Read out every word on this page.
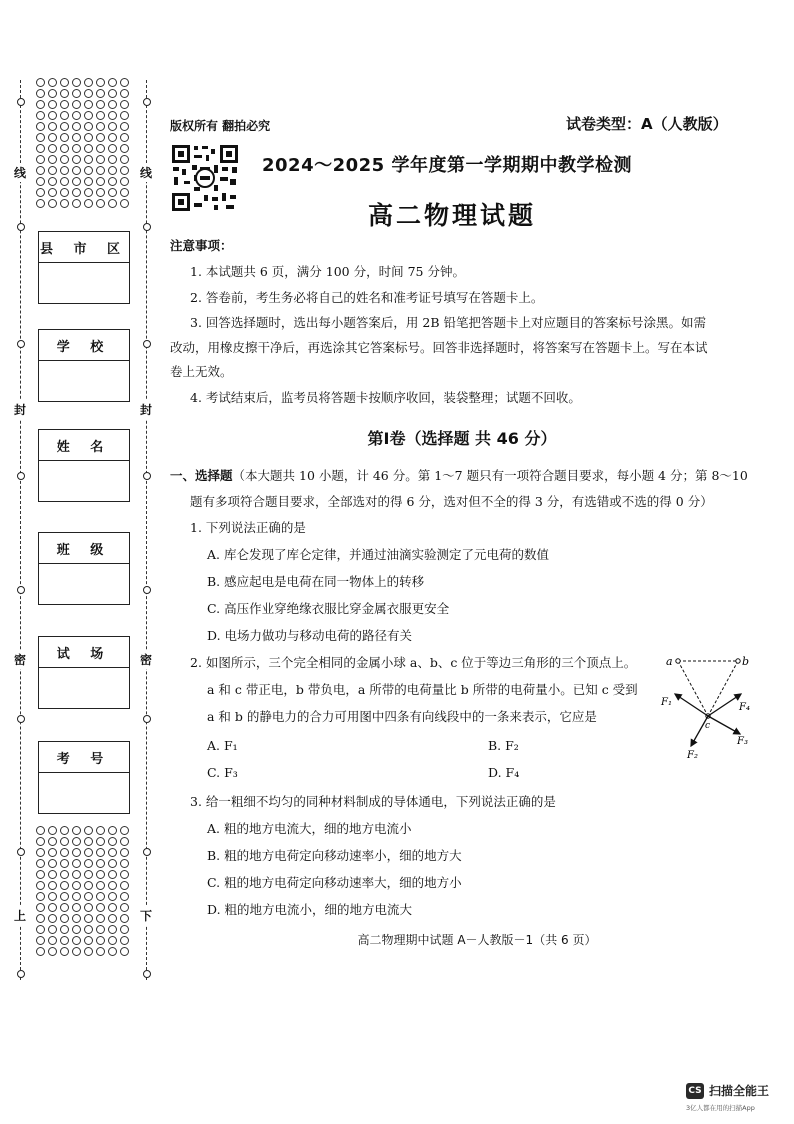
线	线
封	封
密	密
上	下
县 市 区
学 校
姓 名
班 级
试 场
考 号
版权所有 翻拍必究	试卷类型：A（人教版）
2024～2025 学年度第一学期期中教学检测
高二物理试题
注意事项：
1. 本试题共 6 页，满分 100 分，时间 75 分钟。
2. 答卷前，考生务必将自己的姓名和准考证号填写在答题卡上。
3. 回答选择题时，选出每小题答案后，用 2B 铅笔把答题卡上对应题目的答案标号涂黑。如需
改动，用橡皮擦干净后，再选涂其它答案标号。回答非选择题时，将答案写在答题卡上。写在本试
卷上无效。
4. 考试结束后，监考员将答题卡按顺序收回，装袋整理；试题不回收。
第Ⅰ卷（选择题 共 46 分）
一、选择题（本大题共 10 小题，计 46 分。第 1～7 题只有一项符合题目要求，每小题 4 分；第 8～10
题有多项符合题目要求，全部选对的得 6 分，选对但不全的得 3 分，有选错或不选的得 0 分）
1. 下列说法正确的是
A. 库仑发现了库仑定律，并通过油滴实验测定了元电荷的数值
B. 感应起电是电荷在同一物体上的转移
C. 高压作业穿绝缘衣服比穿金属衣服更安全
D. 电场力做功与移动电荷的路径有关
2. 如图所示，三个完全相同的金属小球 a、b、c 位于等边三角形的三个顶点上。
a 和 c 带正电，b 带负电，a 所带的电荷量比 b 所带的电荷量小。已知 c 受到
a 和 b 的静电力的合力可用图中四条有向线段中的一条来表示，它应是
A. F₁	B. F₂
C. F₃	D. F₄
a	b
c
F₁
F₂
F₃
F₄
3. 给一粗细不均匀的同种材料制成的导体通电，下列说法正确的是
A. 粗的地方电流大，细的地方电流小
B. 粗的地方电荷定向移动速率小，细的地方大
C. 粗的地方电荷定向移动速率大，细的地方小
D. 粗的地方电流小，细的地方电流大
高二物理期中试题 A－人教版－1（共 6 页）
CS 扫描全能王
3亿人都在用的扫描App
